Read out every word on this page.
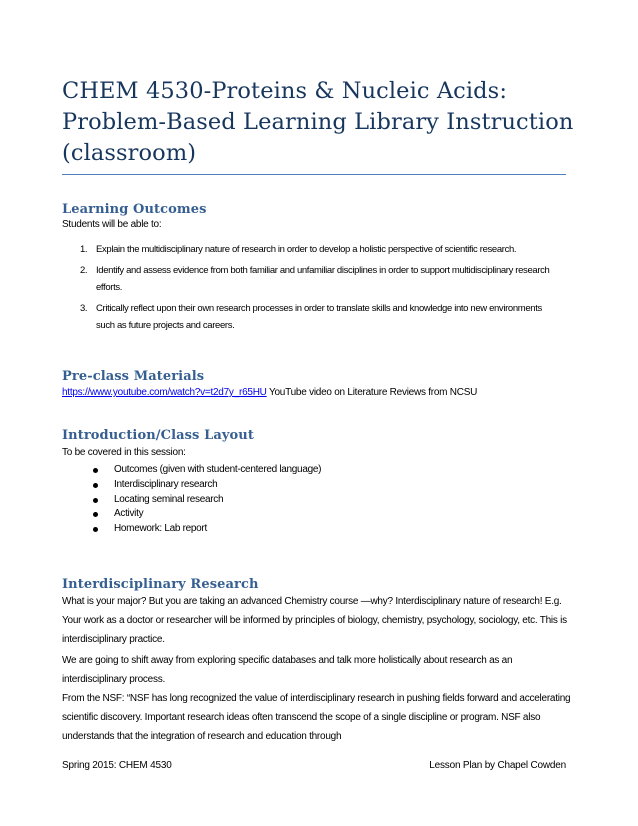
CHEM 4530-Proteins & Nucleic Acids: Problem-Based Learning Library Instruction (classroom)
Learning Outcomes

Students will be able to:

1. Explain the multidisciplinary nature of research in order to develop a holistic perspective of scientific research.
2. Identify and assess evidence from both familiar and unfamiliar disciplines in order to support multidisciplinary research efforts.
3. Critically reflect upon their own research processes in order to translate skills and knowledge into new environments such as future projects and careers.
Pre-class Materials

https://www.youtube.com/watch?v=t2d7y_r65HU YouTube video on Literature Reviews from NCSU

Introduction/Class Layout

To be covered in this session:

Outcomes (given with student-centered language)
Interdisciplinary research
Locating seminal research
Activity
Homework: Lab report
Interdisciplinary Research

What is your major? But you are taking an advanced Chemistry course —why? Interdisciplinary nature of research! E.g. Your work as a doctor or researcher will be informed by principles of biology, chemistry, psychology, sociology, etc. This is interdisciplinary practice.

We are going to shift away from exploring specific databases and talk more holistically about research as an interdisciplinary process.

From the NSF: “NSF has long recognized the value of interdisciplinary research in pushing fields forward and accelerating scientific discovery. Important research ideas often transcend the scope of a single discipline or program. NSF also understands that the integration of research and education through

Spring 2015: CHEM 4530	Lesson Plan by Chapel Cowden
